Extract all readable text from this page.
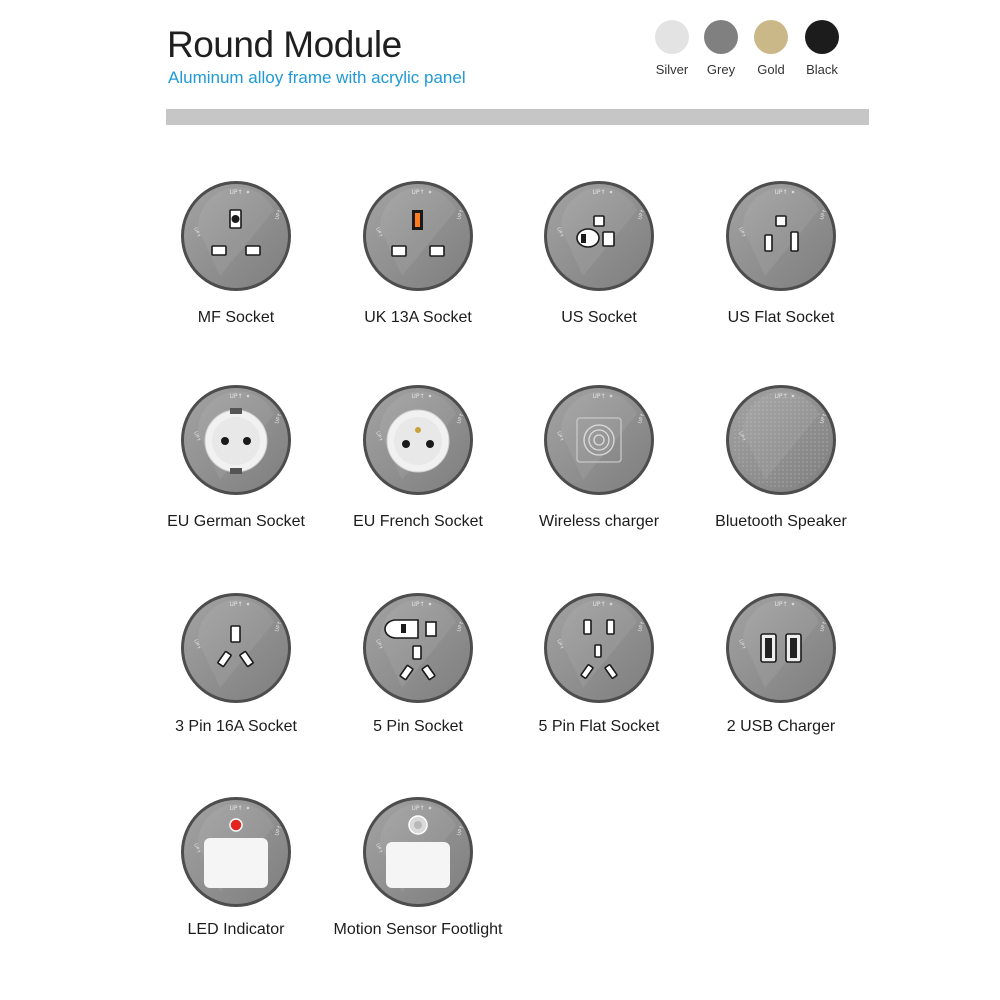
Round Module
Aluminum alloy frame with acrylic panel	Silver	Grey	Gold	Black
UP↑
UP↑
UP↑
MF Socket
UP↑
UP↑
UP↑
UK 13A Socket
UP↑
UP↑
UP↑
US Socket
UP↑
UP↑
UP↑
US Flat Socket
UP↑
UP↑
UP↑
EU German Socket
UP↑
UP↑
UP↑
EU French Socket
UP↑
UP↑
UP↑
Wireless charger	Bluetooth Speaker
UP↑
UP↑
UP↑
3 Pin 16A Socket
UP↑
UP↑
UP↑
5 Pin Socket
UP↑
UP↑
UP↑
5 Pin Flat Socket
UP↑
UP↑
UP↑
2 USB Charger
UP↑
UP↑
UP↑
LED Indicator
UP↑
UP↑
UP↑
Motion Sensor Footlight
